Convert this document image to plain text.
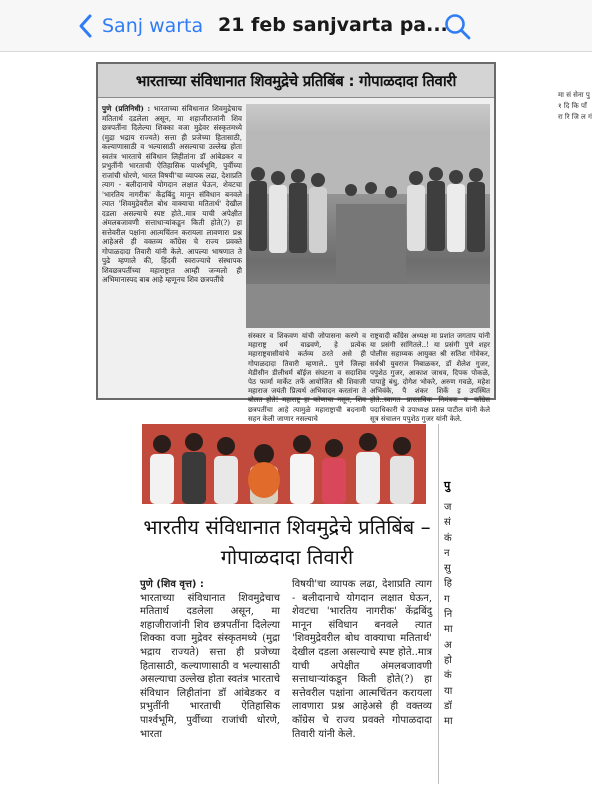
Sanj warta 21 feb sanjvarta pa...
भारताच्या संविधानात शिवमुद्रेचे प्रतिबिंब : गोपाळदादा तिवारी
पुणे (प्रतिनिधी) : भारताच्या संविधानात शिवमुद्रेचाच मतितार्थ दडलेला असून, मा शहाजीराजांनी शिव छत्रपतींना दिलेल्या शिक्का वजा मुद्रेवर संस्कृतमध्ये (मुद्रा भद्राय राज्यते) सत्ता ही प्रजेच्या हितासाठी, कल्याणासाठी व भल्यासाठी असल्याचा उल्लेख होता स्वतंत्र भारताचे संविधान लिहीतांना डॉ आंबेडकर व प्रभुतींनी भारताची ऐतिहासिक पार्श्वभूमि, पुर्वीच्या राजांची धोरणे, भारत विषयी'चा व्यापक लढा, देशाप्रति त्याग - बलीदानाचे योगदान लक्षात घेऊन, शेवटचा 'भारतिय नागरीक' केंद्रबिंदु मानून संविधान बनवले त्यात 'शिवमुद्रेवरील बोध वाक्याचा मतितार्थ' देखील दडला असल्याचे स्पष्ट होते..मात्र याची अपेक्षीत अंमलबजावणी सत्ताधाऱ्यांकडून किती होते(?) हा सत्तेवरील पक्षांना आत्मचिंतन करायला लावणारा प्रश्न आहेअसे ही वक्तव्य कॉग्रेस चे राज्य प्रवक्ते गोपाळदादा तिवारी यांनी केले. आपल्या भाषणात ते पुढे म्हणाले की, हिंदवी स्वराज्याचे संस्थापक शिवछत्रपतींच्या महाराष्ट्रात आम्ही जन्मलो ही अभिमानास्पद बाब आहे म्हणूनच शिव छत्रपतींचे
संस्कार व शिकवण यांची जोपासना करणे व महाराष्ट्र धर्म वाढवणे, हे प्रत्येक महाराष्ट्रवासीयांचे कर्तव्य ठरते असे ही गोपाळदादा तिवारी म्हणाले.. पुणे जिल्हा मेडीसीन डीलीधर्म बॉईज संघटना व सदाशिव पेठ फार्मा मार्केट तर्फे आयोजित श्री शिवाजी महाराज जयंती प्रित्यर्थ अभिवादन करतांना ते बोलत होते! महाराष्ट्र हा कोणाचा नसून, शिव छत्रपतींचा आहे त्यामुळे महाराष्ट्राची बदनामी सहन केली जाणार नसल्याचे
राष्ट्रवादी काँग्रेस अध्यक्ष मा प्रशांत जगताप यांनी या प्रसंगी सांगितले..! या प्रसंगी पुणे शहर पोलीस सहाय्यक आयुक्त श्री सतिश गोवेकर, सर्वश्री युवराज निबाळकर, डॉ शैलेश गुजर, पपुशेठ गुजर, आकाश जाधव, दिपक पोकळे, पापाड्डे बंधु, दोगेश भोकरे, अरुण गवळे, महेश अभिवंके, पै शंकर शिर्के इ उपस्थित होते..स्वागत प्रास्ताविक निमंत्रक व कॉग्रेस पदाधिकारी चे उपाध्यक्ष प्रसन्न पाटील यांनी केले सूत्र संचालन पपुशेठ गुजर यांनी केले.
मा सं सेना पु १ दि कि पाँ रा रि जि ल गं
भारतीय संविधानात शिवमुद्रेचे प्रतिबिंब – गोपाळदादा तिवारी
पुणे (शिव वृत्त) :
भारताच्या संविधानात शिवमुद्रेचाच मतितार्थ दडलेला असून, मा शहाजीराजांनी शिव छत्रपतींना दिलेल्या शिक्का वजा मुद्रेवर संस्कृतमध्ये (मुद्रा भद्राय राज्यते) सत्ता ही प्रजेच्या हितासाठी, कल्याणासाठी व भल्यासाठी असल्याचा उल्लेख होता स्वतंत्र भारताचे संविधान लिहीतांना डॉ आंबेडकर व प्रभुतींनी भारताची ऐतिहासिक पार्श्वभूमि, पुर्वीच्या राजांची धोरणे, भारता
विषयी'चा व्यापक लढा, देशाप्रति त्याग - बलीदानाचे योगदान लक्षात घेऊन, शेवटचा 'भारतिय नागरीक' केंद्रबिंदु मानून संविधान बनवले त्यात 'शिवमुद्रेवरील बोध वाक्याचा मतितार्थ' देखील दडला असल्याचे स्पष्ट होते..मात्र याची अपेक्षीत अंमलबजावणी सत्ताधाऱ्यांकडून किती होते(?) हा सत्तेवरील पक्षांना आत्मचिंतन करायला लावणारा प्रश्न आहेअसे ही वक्तव्य कॉग्रेस चे राज्य प्रवक्ते गोपाळदादा तिवारी यांनी केले.
पु
ज सं कं न सु हि ग नि मा अ हो कं या डॉ मा
